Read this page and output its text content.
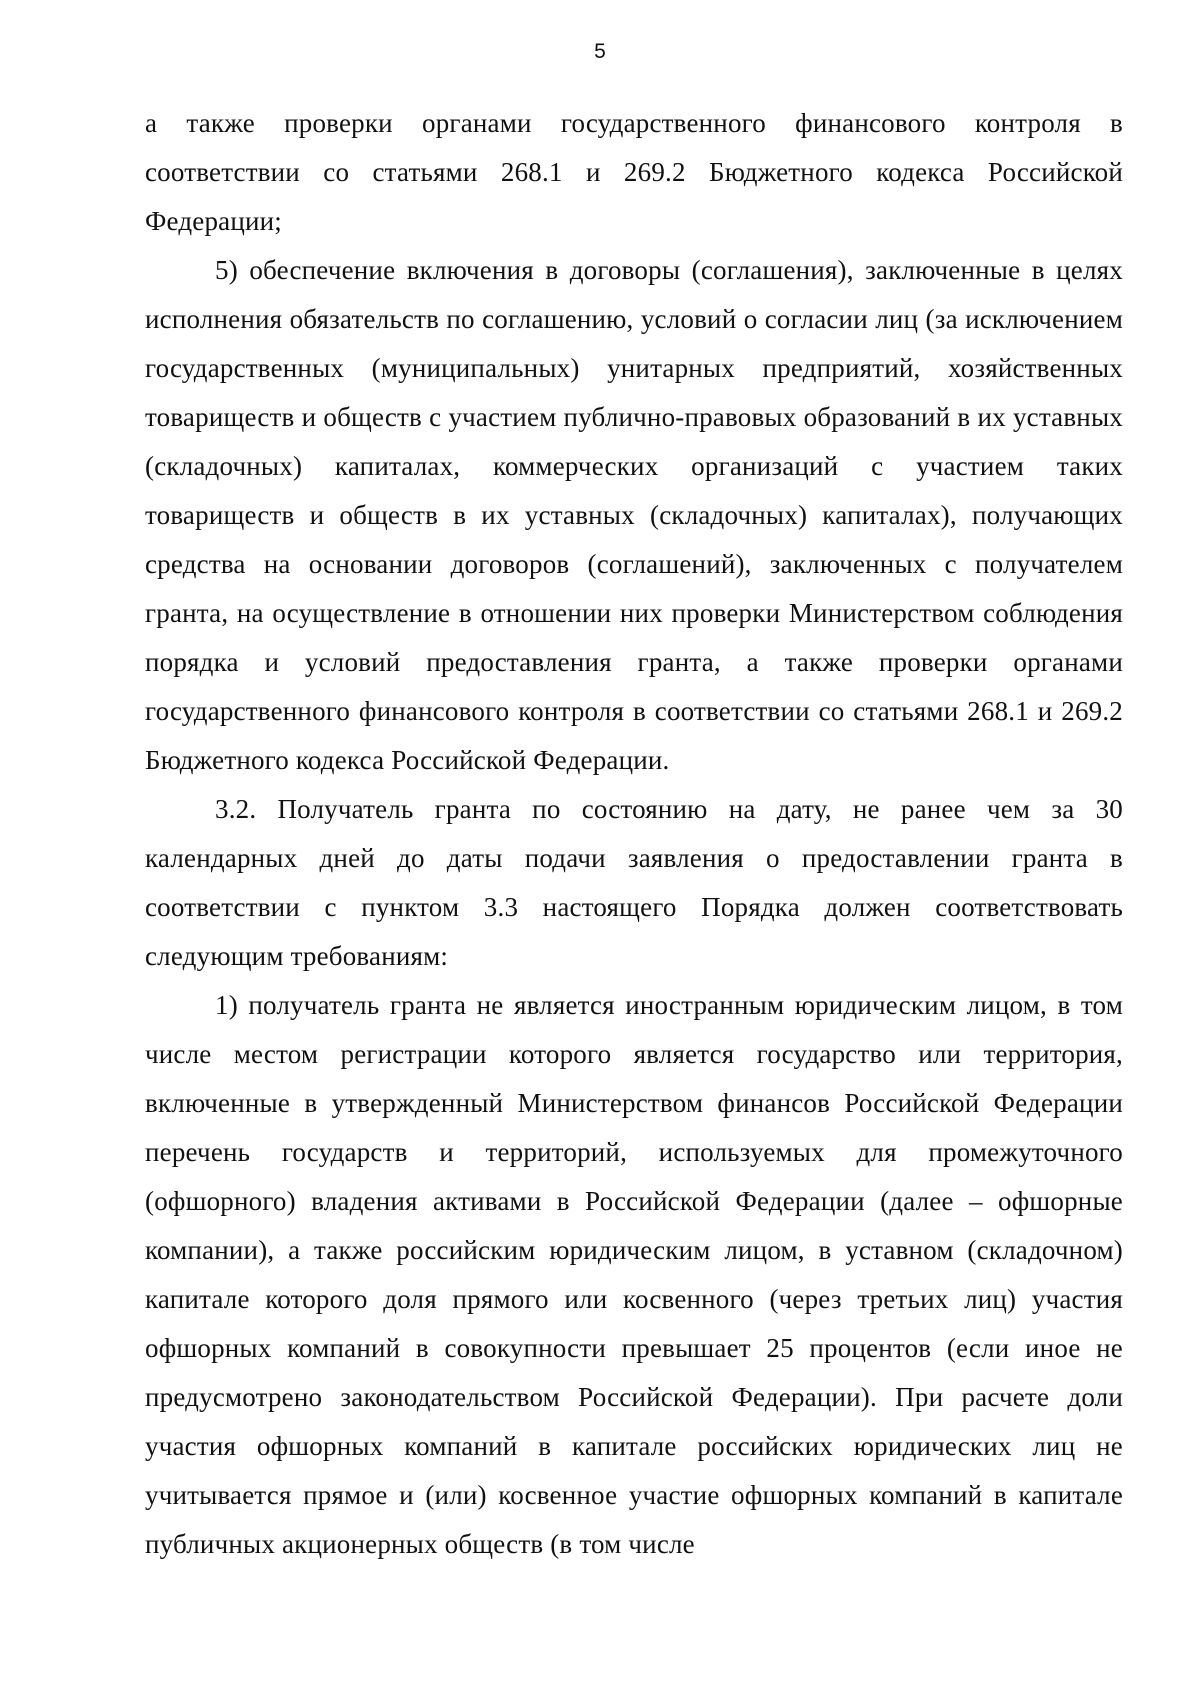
5

а также проверки органами государственного финансового контроля в соответствии со статьями 268.1 и 269.2 Бюджетного кодекса Российской Федерации;

5) обеспечение включения в договоры (соглашения), заключенные в целях исполнения обязательств по соглашению, условий о согласии лиц (за исключением государственных (муниципальных) унитарных предприятий, хозяйственных товариществ и обществ с участием публично-правовых образований в их уставных (складочных) капиталах, коммерческих организаций с участием таких товариществ и обществ в их уставных (складочных) капиталах), получающих средства на основании договоров (соглашений), заключенных с получателем гранта, на осуществление в отношении них проверки Министерством соблюдения порядка и условий предоставления гранта, а также проверки органами государственного финансового контроля в соответствии со статьями 268.1 и 269.2 Бюджетного кодекса Российской Федерации.

3.2. Получатель гранта по состоянию на дату, не ранее чем за 30 календарных дней до даты подачи заявления о предоставлении гранта в соответствии с пунктом 3.3 настоящего Порядка должен соответствовать следующим требованиям:

1) получатель гранта не является иностранным юридическим лицом, в том числе местом регистрации которого является государство или территория, включенные в утвержденный Министерством финансов Российской Федерации перечень государств и территорий, используемых для промежуточного (офшорного) владения активами в Российской Федерации (далее – офшорные компании), а также российским юридическим лицом, в уставном (складочном) капитале которого доля прямого или косвенного (через третьих лиц) участия офшорных компаний в совокупности превышает 25 процентов (если иное не предусмотрено законодательством Российской Федерации). При расчете доли участия офшорных компаний в капитале российских юридических лиц не учитывается прямое и (или) косвенное участие офшорных компаний в капитале публичных акционерных обществ (в том числе
